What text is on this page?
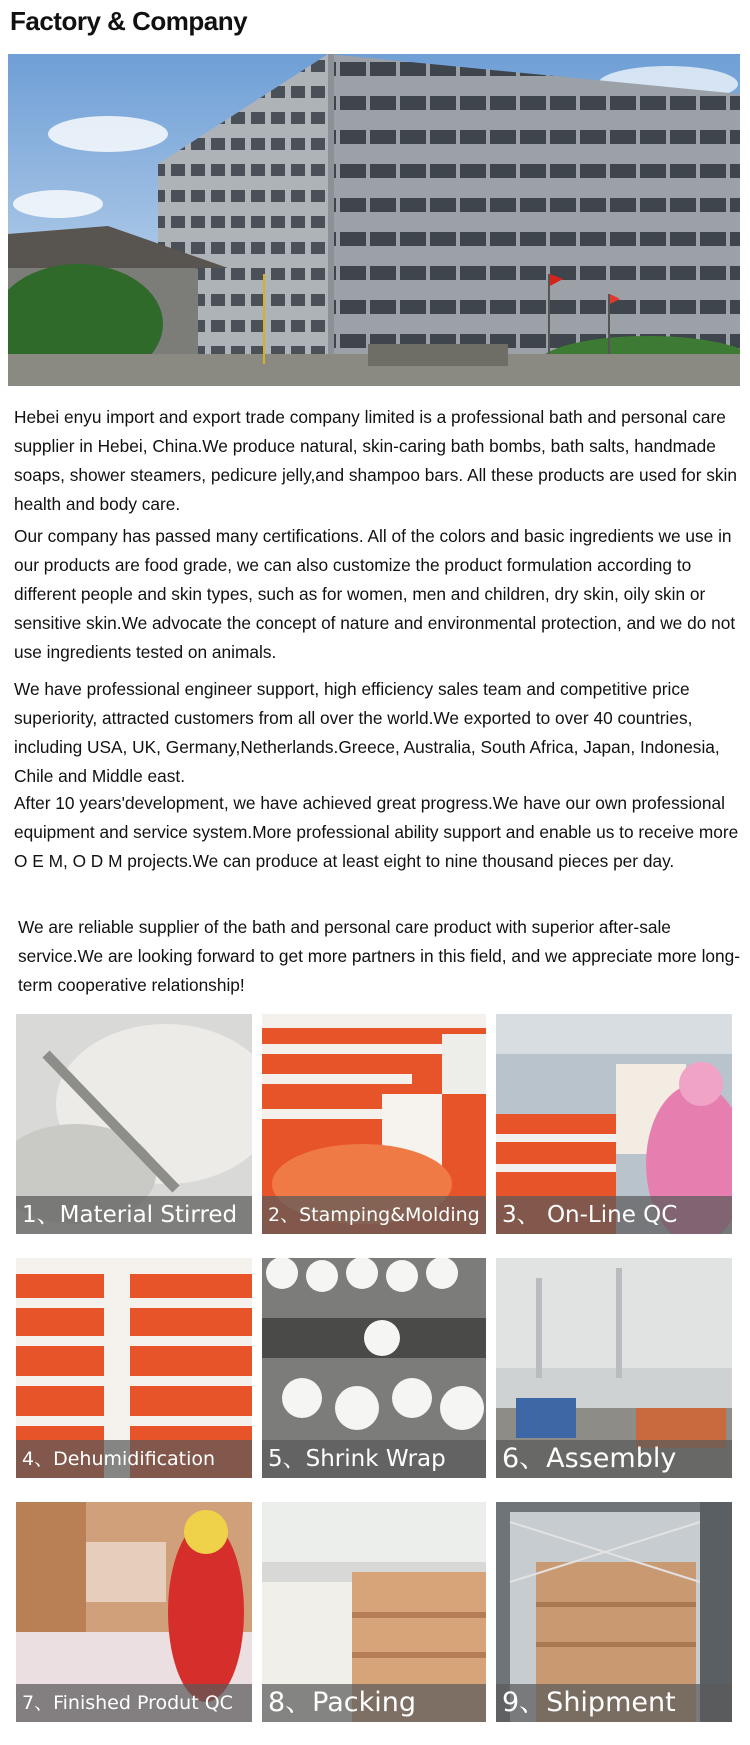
Factory & Company

Hebei enyu import and export trade company limited is a professional bath and personal care supplier in Hebei, China.We produce natural, skin-caring bath bombs, bath salts, handmade soaps, shower steamers, pedicure jelly,and shampoo bars. All these products are used for skin health and body care.

Our company has passed many certifications. All of the colors and basic ingredients we use in our products are food grade, we can also customize the product formulation according to different people and skin types, such as for women, men and children, dry skin, oily skin or sensitive skin.We advocate the concept of nature and environmental protection, and we do not use ingredients tested on animals.

We have professional engineer support, high efficiency sales team and competitive price superiority, attracted customers from all over the world.We exported to over 40 countries, including USA, UK, Germany,Netherlands.Greece, Australia, South Africa, Japan, Indonesia, Chile and Middle east.

After 10 years'development, we have achieved great progress.We have our own professional equipment and service system.More professional ability support and enable us to receive more O E M, O D M projects.We can produce at least eight to nine thousand pieces per day.

We are reliable supplier of the bath and personal care product with superior after-sale service.We are looking forward to get more partners in this field, and we appreciate more long-term cooperative relationship!

1、Material Stirred	2、Stamping&Molding 3、 On-Line QC
4、Dehumidification	5、Shrink Wrap	6、Assembly
7、Finished Produt QC	8、Packing	9、Shipment
